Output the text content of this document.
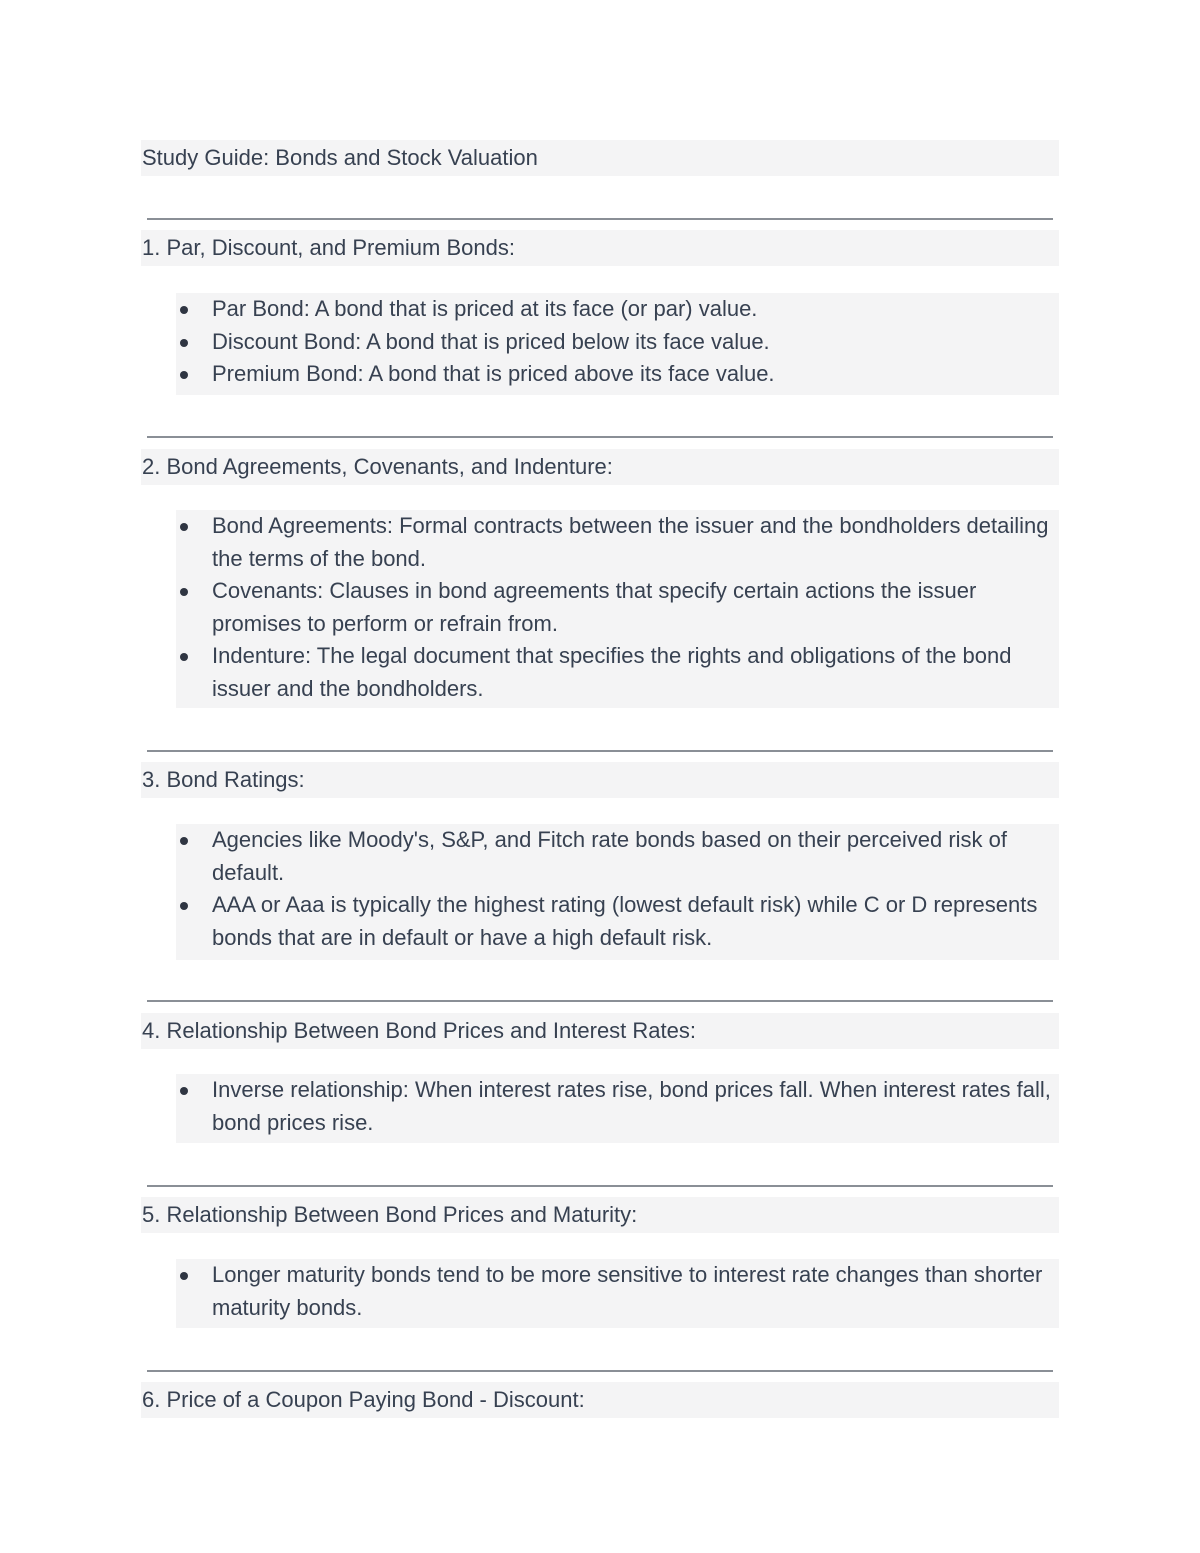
Study Guide: Bonds and Stock Valuation
1. Par, Discount, and Premium Bonds:
Par Bond: A bond that is priced at its face (or par) value.
Discount Bond: A bond that is priced below its face value.
Premium Bond: A bond that is priced above its face value.
2. Bond Agreements, Covenants, and Indenture:
Bond Agreements: Formal contracts between the issuer and the bondholders detailing the terms of the bond.
Covenants: Clauses in bond agreements that specify certain actions the issuer promises to perform or refrain from.
Indenture: The legal document that specifies the rights and obligations of the bond issuer and the bondholders.
3. Bond Ratings:
Agencies like Moody's, S&P, and Fitch rate bonds based on their perceived risk of default.
AAA or Aaa is typically the highest rating (lowest default risk) while C or D represents bonds that are in default or have a high default risk.
4. Relationship Between Bond Prices and Interest Rates:
Inverse relationship: When interest rates rise, bond prices fall. When interest rates fall, bond prices rise.
5. Relationship Between Bond Prices and Maturity:
Longer maturity bonds tend to be more sensitive to interest rate changes than shorter maturity bonds.
6. Price of a Coupon Paying Bond - Discount:
